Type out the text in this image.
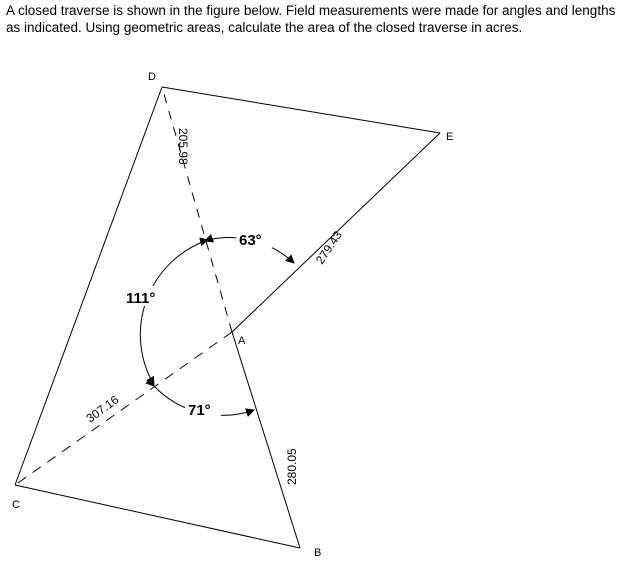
A closed traverse is shown in the figure below. Field measurements were made for angles and lengths
as indicated. Using geometric areas, calculate the area of the closed traverse in acres.
D
E
A
C
B
205.98
279.43
307.16
280.05
63°
111°
71°
